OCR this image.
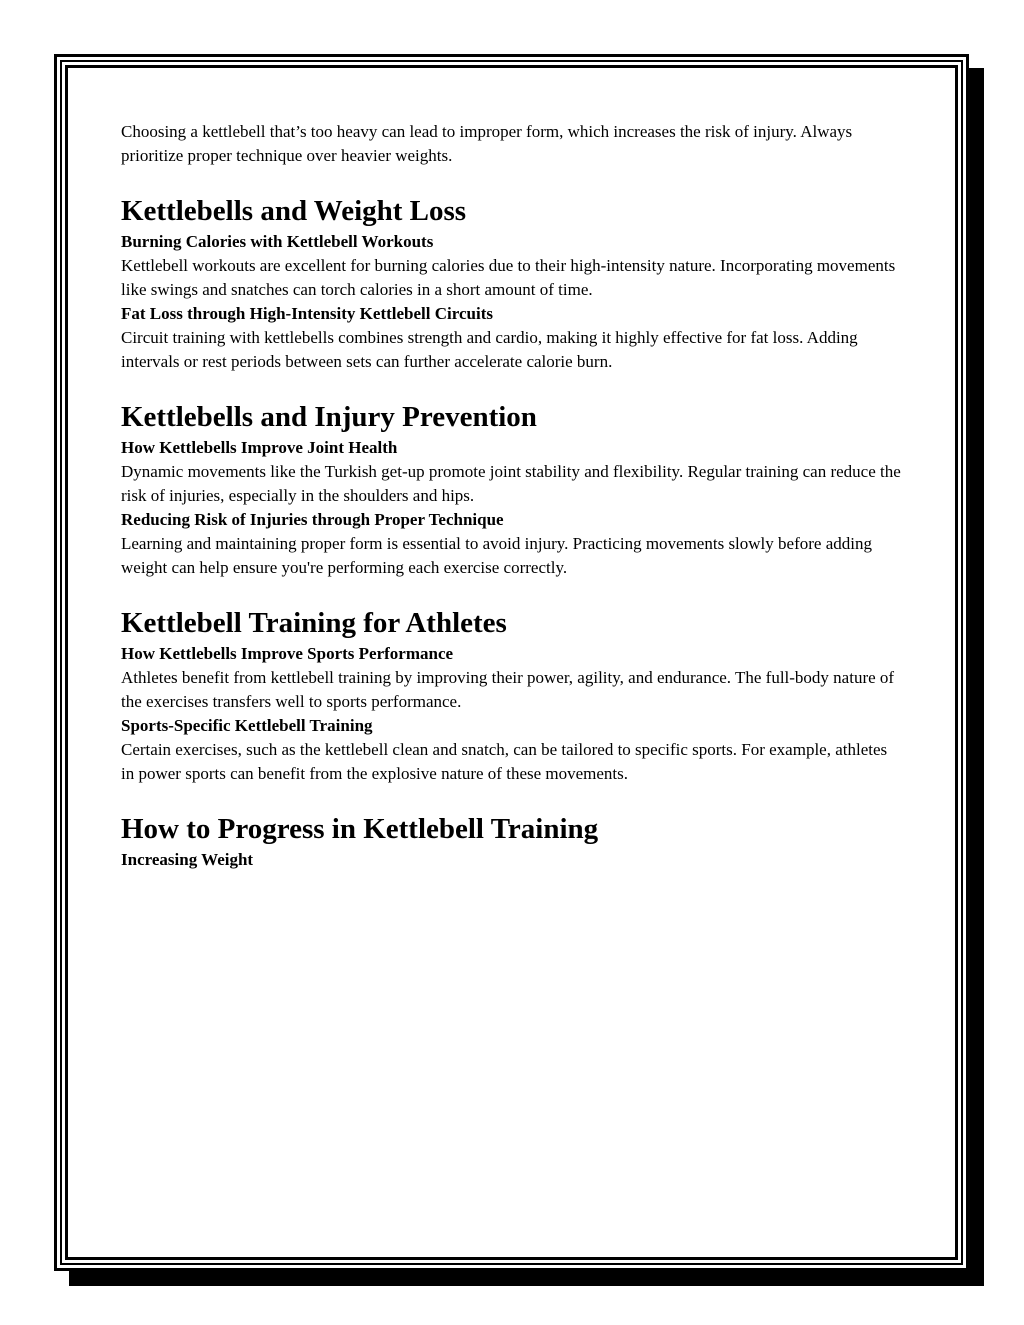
Choosing a kettlebell that’s too heavy can lead to improper form, which increases the risk of injury. Always prioritize proper technique over heavier weights.

Kettlebells and Weight Loss
Burning Calories with Kettlebell Workouts

Kettlebell workouts are excellent for burning calories due to their high-intensity nature. Incorporating movements like swings and snatches can torch calories in a short amount of time.

Fat Loss through High-Intensity Kettlebell Circuits

Circuit training with kettlebells combines strength and cardio, making it highly effective for fat loss. Adding intervals or rest periods between sets can further accelerate calorie burn.

Kettlebells and Injury Prevention
How Kettlebells Improve Joint Health

Dynamic movements like the Turkish get-up promote joint stability and flexibility. Regular training can reduce the risk of injuries, especially in the shoulders and hips.

Reducing Risk of Injuries through Proper Technique

Learning and maintaining proper form is essential to avoid injury. Practicing movements slowly before adding weight can help ensure you're performing each exercise correctly.

Kettlebell Training for Athletes
How Kettlebells Improve Sports Performance

Athletes benefit from kettlebell training by improving their power, agility, and endurance. The full-body nature of the exercises transfers well to sports performance.

Sports-Specific Kettlebell Training

Certain exercises, such as the kettlebell clean and snatch, can be tailored to specific sports. For example, athletes in power sports can benefit from the explosive nature of these movements.

How to Progress in Kettlebell Training
Increasing Weight
